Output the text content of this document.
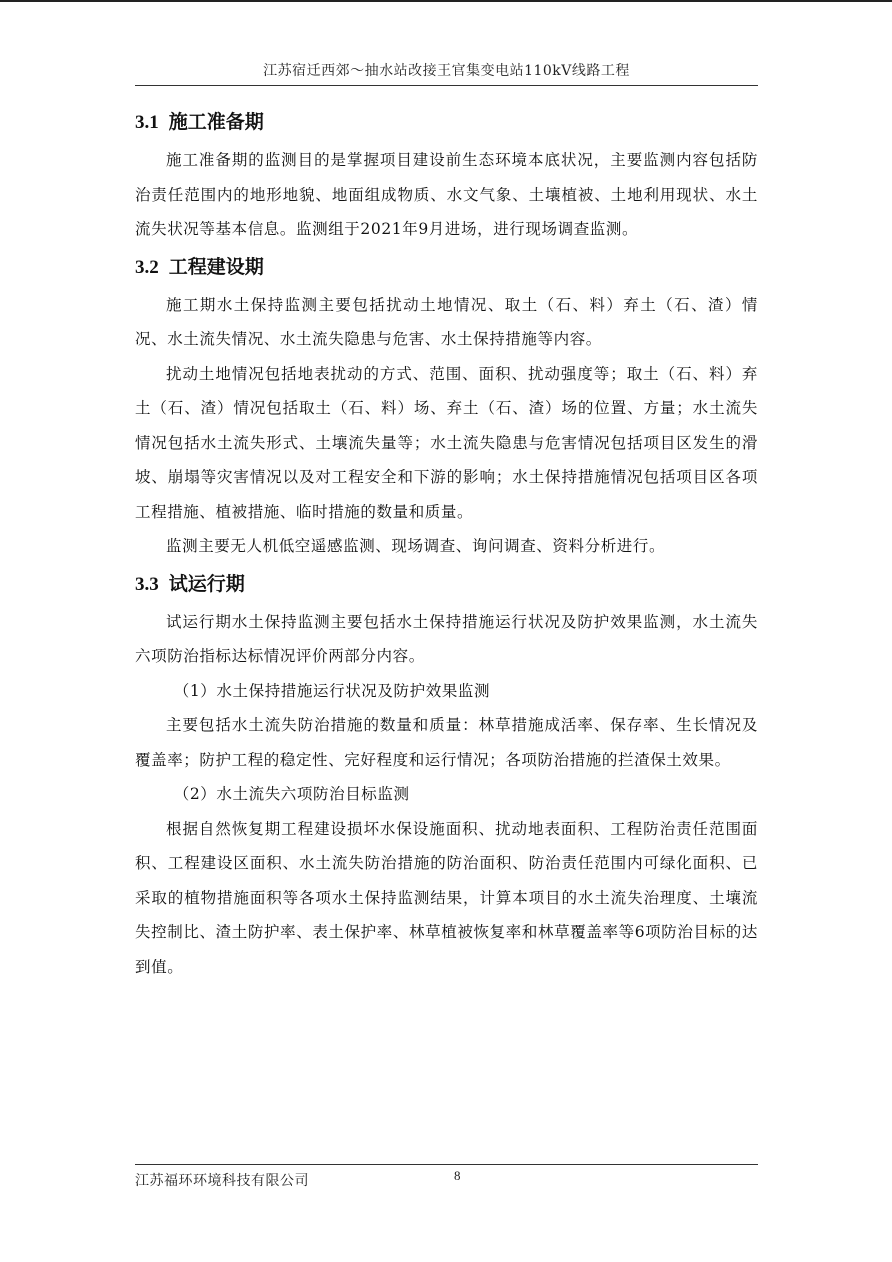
江苏宿迁西郊～抽水站改接王官集变电站110kV线路工程
3.1 施工准备期

施工准备期的监测目的是掌握项目建设前生态环境本底状况，主要监测内容包括防治责任范围内的地形地貌、地面组成物质、水文气象、土壤植被、土地利用现状、水土流失状况等基本信息。监测组于2021年9月进场，进行现场调查监测。

3.2 工程建设期

施工期水土保持监测主要包括扰动土地情况、取土（石、料）弃土（石、渣）情况、水土流失情况、水土流失隐患与危害、水土保持措施等内容。

扰动土地情况包括地表扰动的方式、范围、面积、扰动强度等；取土（石、料）弃土（石、渣）情况包括取土（石、料）场、弃土（石、渣）场的位置、方量；水土流失情况包括水土流失形式、土壤流失量等；水土流失隐患与危害情况包括项目区发生的滑坡、崩塌等灾害情况以及对工程安全和下游的影响；水土保持措施情况包括项目区各项工程措施、植被措施、临时措施的数量和质量。

监测主要无人机低空遥感监测、现场调查、询问调查、资料分析进行。

3.3 试运行期

试运行期水土保持监测主要包括水土保持措施运行状况及防护效果监测，水土流失六项防治指标达标情况评价两部分内容。

（1）水土保持措施运行状况及防护效果监测

主要包括水土流失防治措施的数量和质量：林草措施成活率、保存率、生长情况及覆盖率；防护工程的稳定性、完好程度和运行情况；各项防治措施的拦渣保土效果。

（2）水土流失六项防治目标监测

根据自然恢复期工程建设损坏水保设施面积、扰动地表面积、工程防治责任范围面积、工程建设区面积、水土流失防治措施的防治面积、防治责任范围内可绿化面积、已采取的植物措施面积等各项水土保持监测结果，计算本项目的水土流失治理度、土壤流失控制比、渣土防护率、表土保护率、林草植被恢复率和林草覆盖率等6项防治目标的达到值。

江苏福环环境科技有限公司	8
